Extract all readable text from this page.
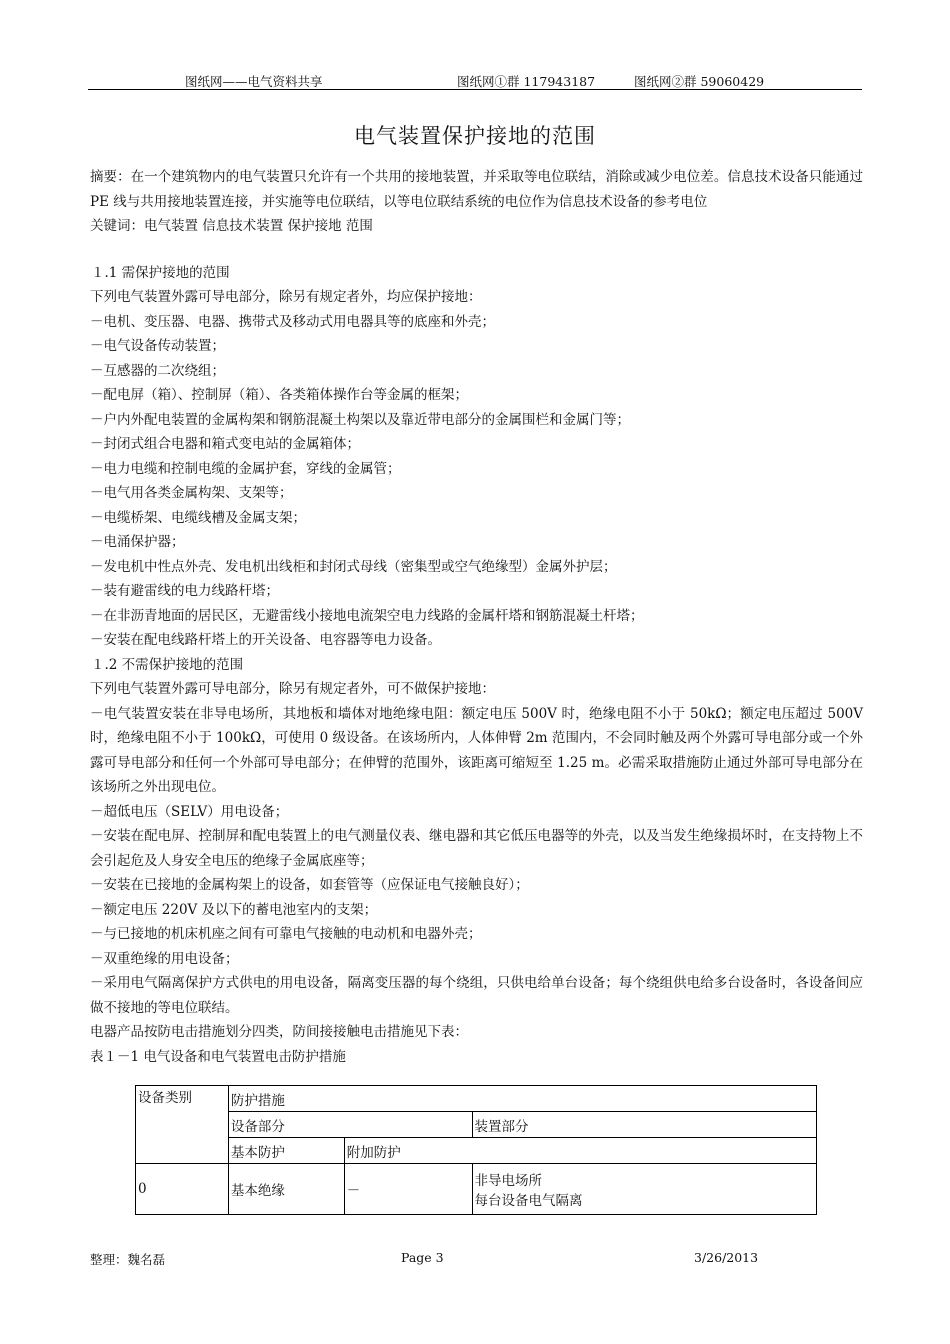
图纸网——电气资料共享	图纸网①群 117943187	图纸网②群 59060429
电气装置保护接地的范围

摘要：在一个建筑物内的电气装置只允许有一个共用的接地装置，并采取等电位联结，消除或减少电位差。信息技术设备只能通过 PE 线与共用接地装置连接，并实施等电位联结，以等电位联结系统的电位作为信息技术设备的参考电位

关键词：电气装置 信息技术装置 保护接地 范围

１.1 需保护接地的范围

下列电气装置外露可导电部分，除另有规定者外，均应保护接地：

－电机、变压器、电器、携带式及移动式用电器具等的底座和外壳；

－电气设备传动装置；

－互感器的二次绕组；

－配电屏（箱）、控制屏（箱）、各类箱体操作台等金属的框架；

－户内外配电装置的金属构架和钢筋混凝土构架以及靠近带电部分的金属围栏和金属门等；

－封闭式组合电器和箱式变电站的金属箱体；

－电力电缆和控制电缆的金属护套，穿线的金属管；

－电气用各类金属构架、支架等；

－电缆桥架、电缆线槽及金属支架；

－电涌保护器；

－发电机中性点外壳、发电机出线柜和封闭式母线（密集型或空气绝缘型）金属外护层；

－装有避雷线的电力线路杆塔；

－在非沥青地面的居民区，无避雷线小接地电流架空电力线路的金属杆塔和钢筋混凝土杆塔；

－安装在配电线路杆塔上的开关设备、电容器等电力设备。

１.2 不需保护接地的范围

下列电气装置外露可导电部分，除另有规定者外，可不做保护接地：

－电气装置安装在非导电场所，其地板和墙体对地绝缘电阻：额定电压 500V 时，绝缘电阻不小于 50kΩ；额定电压超过 500V 时，绝缘电阻不小于 100kΩ，可使用 0 级设备。在该场所内，人体伸臂 2m 范围内，不会同时触及两个外露可导电部分或一个外露可导电部分和任何一个外部可导电部分；在伸臂的范围外，该距离可缩短至 1.25 m。必需采取措施防止通过外部可导电部分在该场所之外出现电位。

－超低电压（SELV）用电设备；

－安装在配电屏、控制屏和配电装置上的电气测量仪表、继电器和其它低压电器等的外壳，以及当发生绝缘损坏时，在支持物上不会引起危及人身安全电压的绝缘子金属底座等；

－安装在已接地的金属构架上的设备，如套管等（应保证电气接触良好）；

－额定电压 220V 及以下的蓄电池室内的支架；

－与已接地的机床机座之间有可靠电气接触的电动机和电器外壳；

－双重绝缘的用电设备；

－采用电气隔离保护方式供电的用电设备，隔离变压器的每个绕组，只供电给单台设备；每个绕组供电给多台设备时，各设备间应做不接地的等电位联结。

电器产品按防电击措施划分四类，防间接接触电击措施见下表：

表１－1 电气设备和电气装置电击防护措施

设备类别	防护措施		
	设备部分		装置部分
	基本防护	附加防护	
0	基本绝缘	－	非导电场所
每台设备电气隔离
整理：魏名磊	Page 3	3/26/2013
